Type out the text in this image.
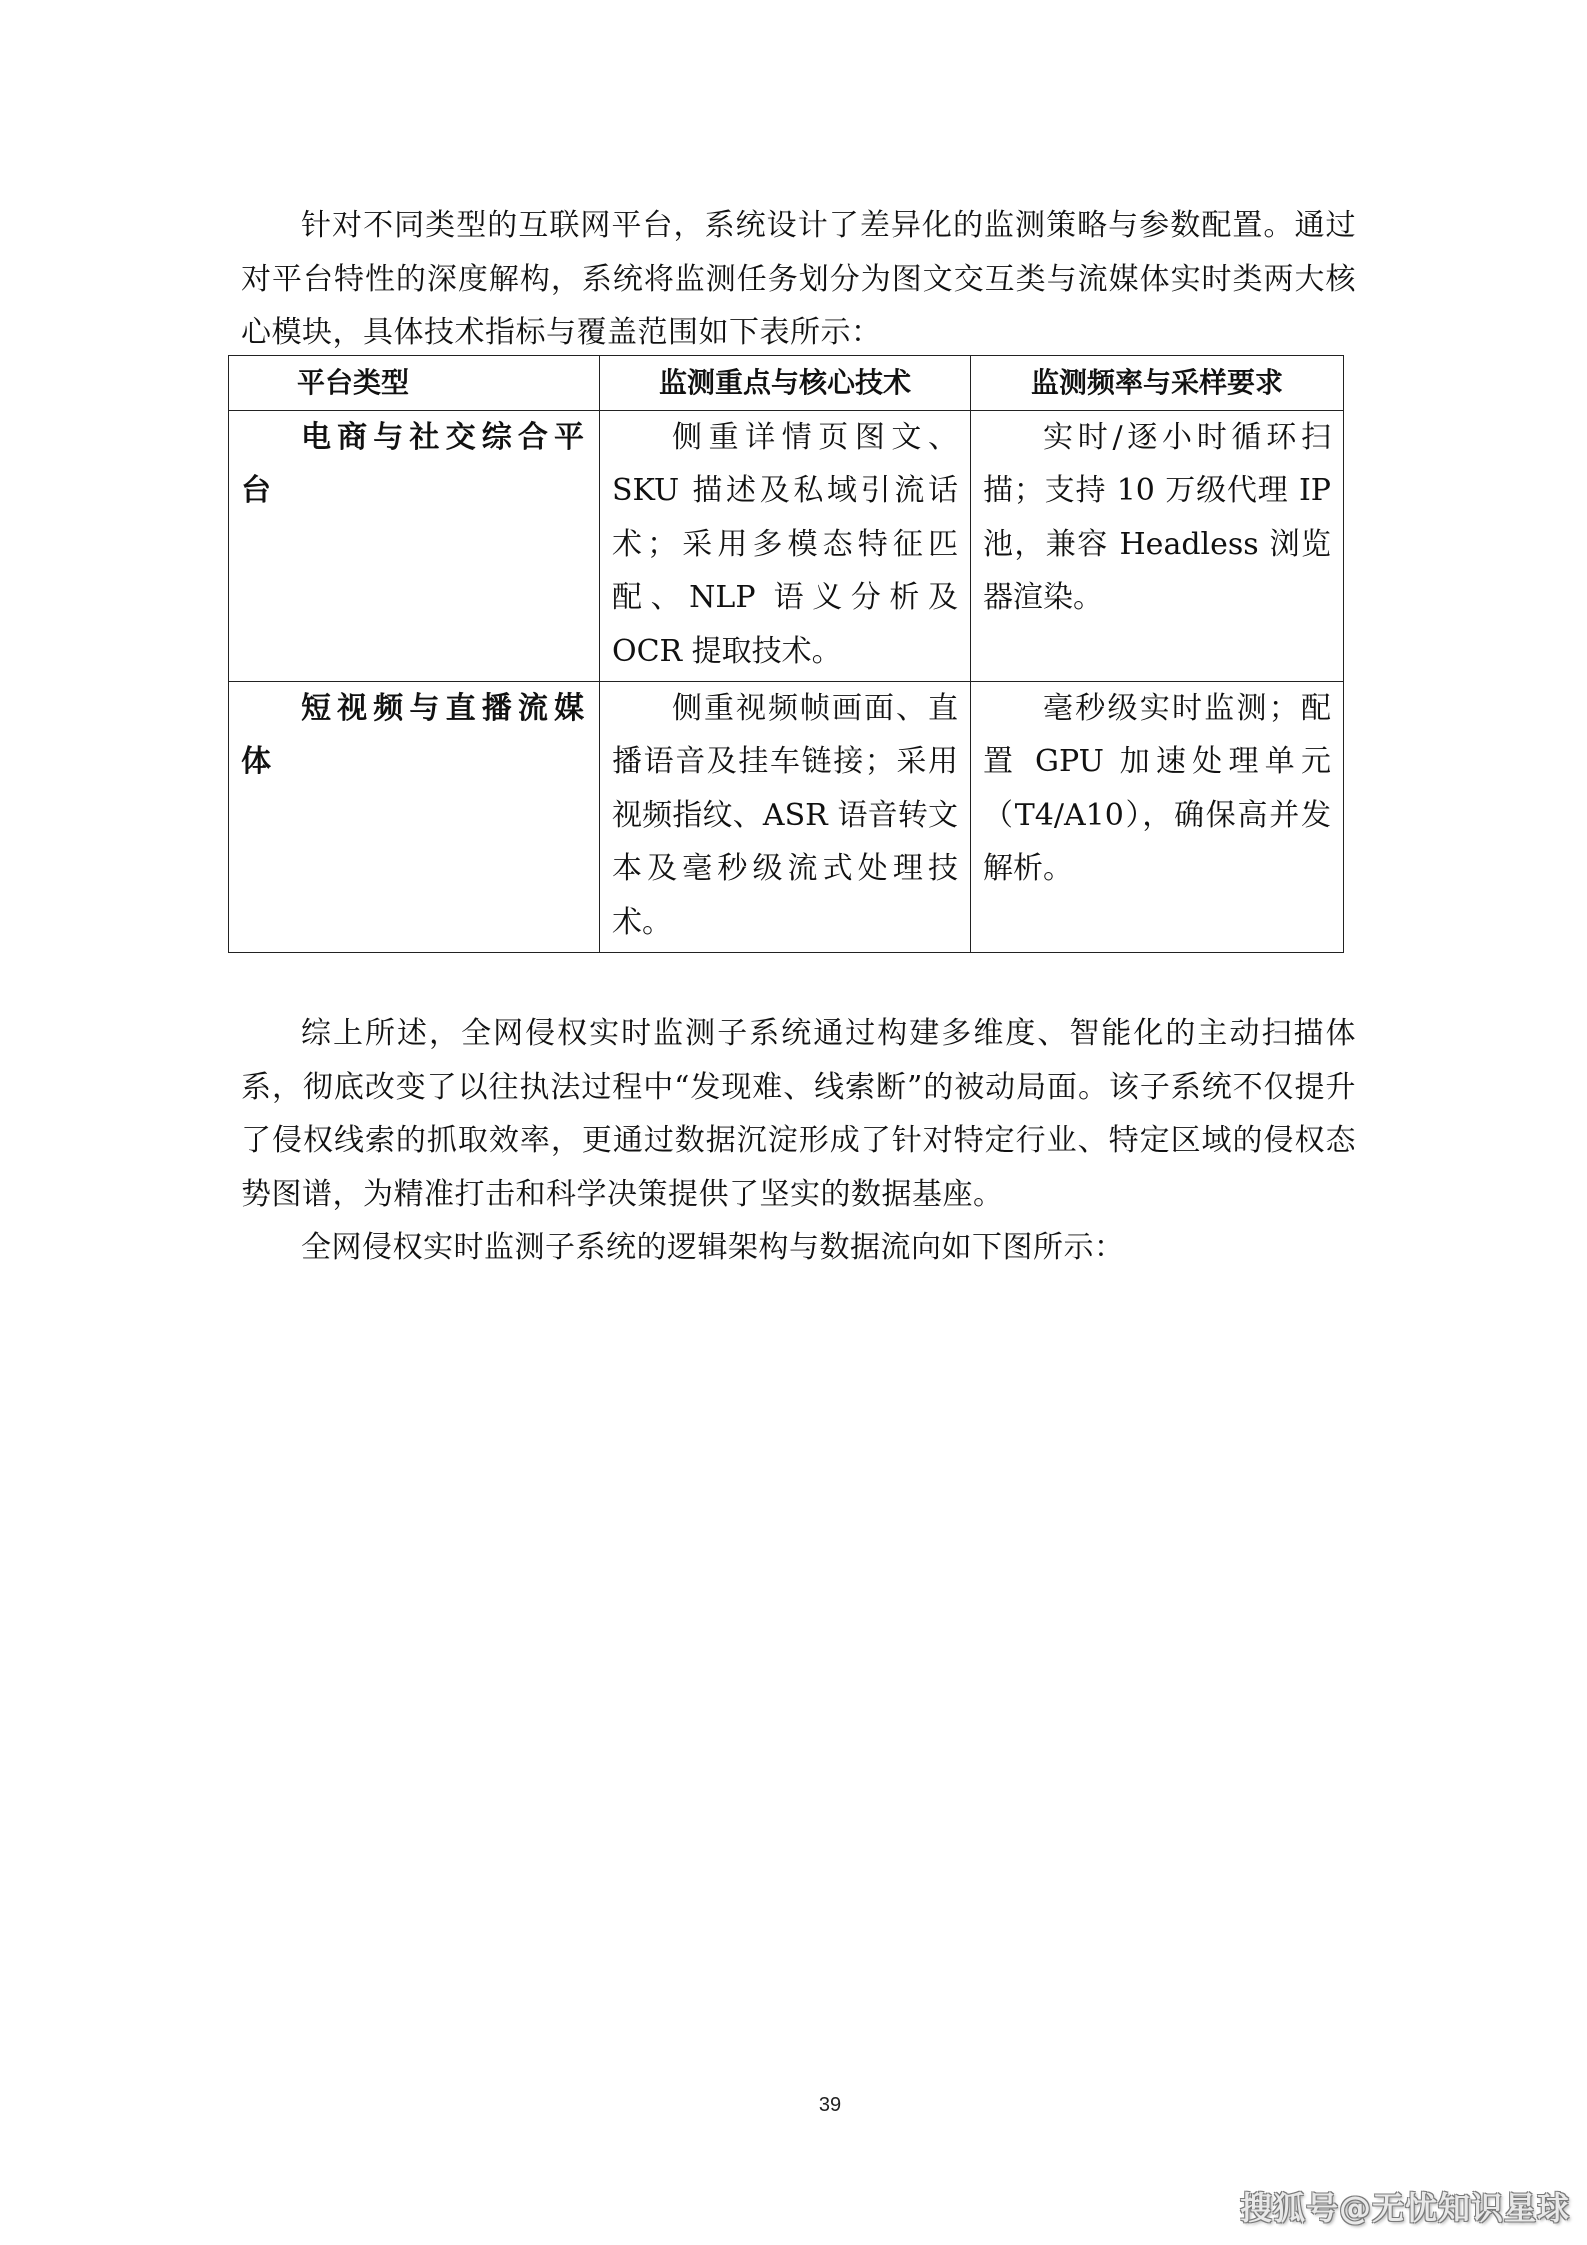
针对不同类型的互联网平台，系统设计了差异化的监测策略与参数配置。通过对平台特性的深度解构，系统将监测任务划分为图文交互类与流媒体实时类两大核心模块，具体技术指标与覆盖范围如下表所示：

平台类型	监测重点与核心技术	监测频率与采样要求
电商与社交综合平台	侧重详情页图文、SKU 描述及私域引流话术；采用多模态特征匹配、NLP 语义分析及 OCR 提取技术。	实时/逐小时循环扫描；支持 10 万级代理 IP 池，兼容 Headless 浏览器渲染。
短视频与直播流媒体	侧重视频帧画面、直播语音及挂车链接；采用视频指纹、ASR 语音转文本及毫秒级流式处理技术。	毫秒级实时监测；配置 GPU 加速处理单元（T4/A10），确保高并发解析。

综上所述，全网侵权实时监测子系统通过构建多维度、智能化的主动扫描体系，彻底改变了以往执法过程中“发现难、线索断”的被动局面。该子系统不仅提升了侵权线索的抓取效率，更通过数据沉淀形成了针对特定行业、特定区域的侵权态势图谱，为精准打击和科学决策提供了坚实的数据基座。

全网侵权实时监测子系统的逻辑架构与数据流向如下图所示：

39
搜狐号@无忧知识星球
